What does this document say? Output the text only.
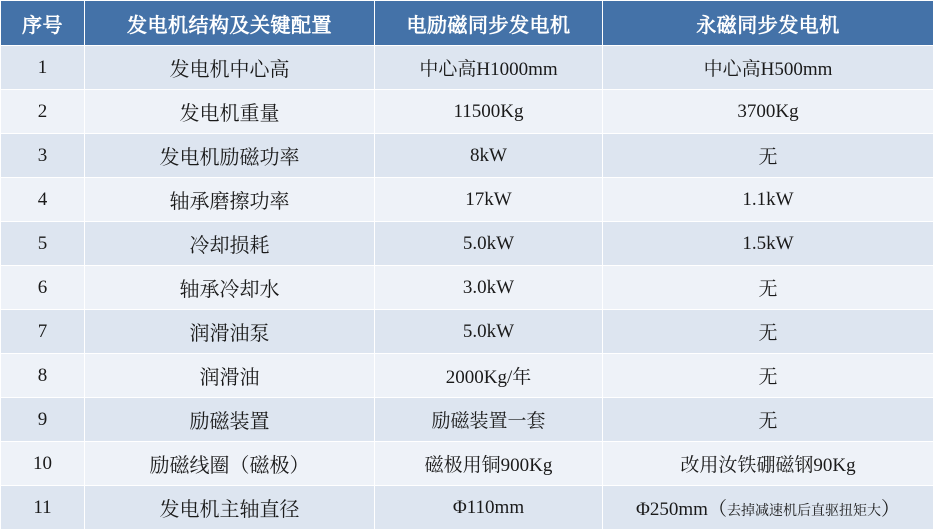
序号	发电机结构及关键配置	电励磁同步发电机	永磁同步发电机
1	发电机中心高	中心高H1000mm	中心高H500mm
2	发电机重量	11500Kg	3700Kg
3	发电机励磁功率	8kW	无
4	轴承磨擦功率	17kW	1.1kW
5	冷却损耗	5.0kW	1.5kW
6	轴承冷却水	3.0kW	无
7	润滑油泵	5.0kW	无
8	润滑油	2000Kg/年	无
9	励磁装置	励磁装置一套	无
10	励磁线圈（磁极）	磁极用铜900Kg	改用汝铁硼磁钢90Kg
11	发电机主轴直径	Φ110mm	Φ250mm（去掉减速机后直驱扭矩大）
